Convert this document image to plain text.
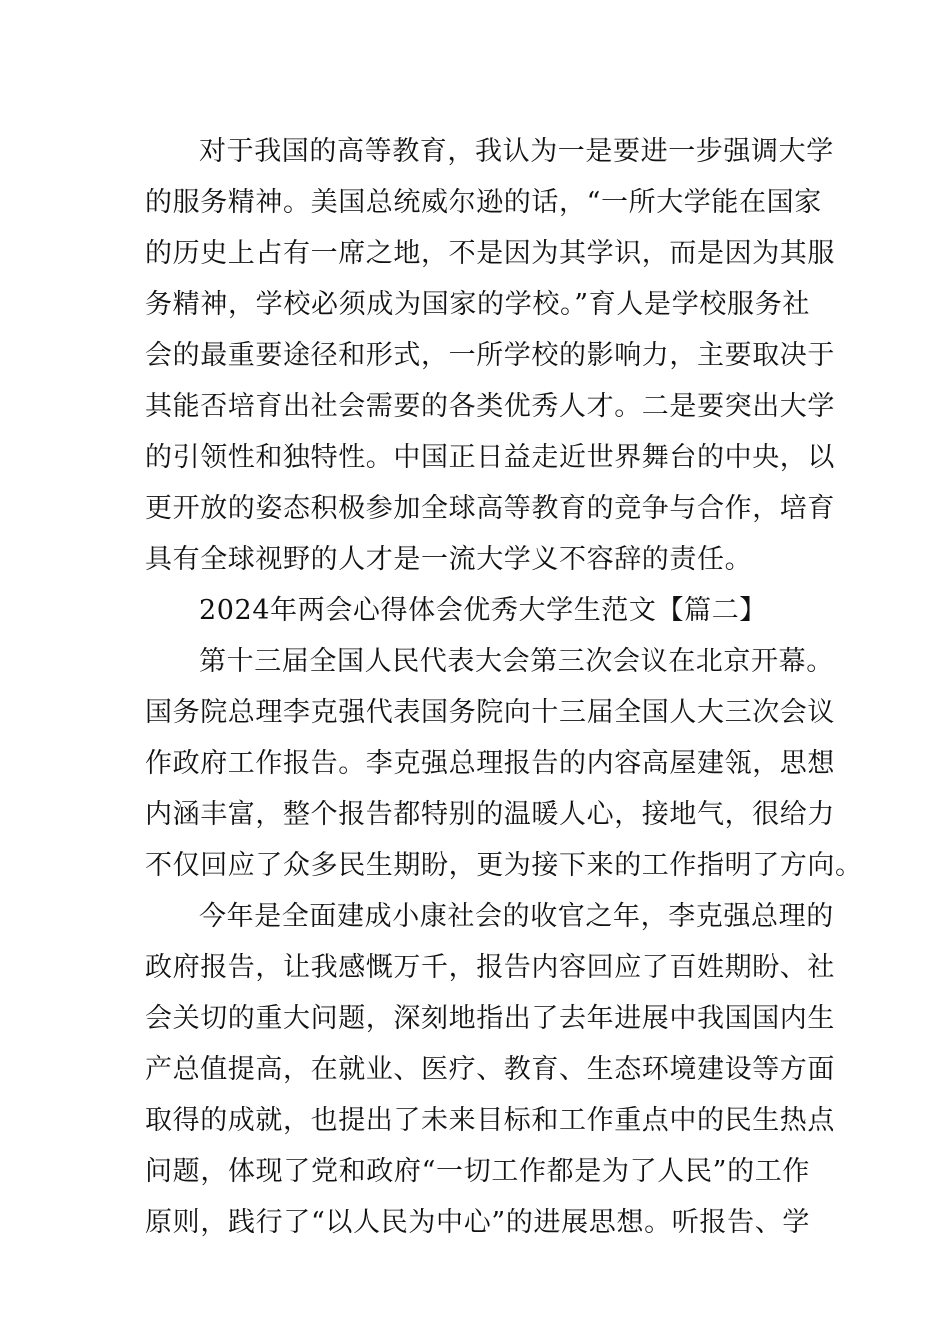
对于我国的高等教育，我认为一是要进一步强调大学
的服务精神。美国总统威尔逊的话，“一所大学能在国家
的历史上占有一席之地，不是因为其学识，而是因为其服
务精神，学校必须成为国家的学校。”育人是学校服务社
会的最重要途径和形式，一所学校的影响力，主要取决于
其能否培育出社会需要的各类优秀人才。二是要突出大学
的引领性和独特性。中国正日益走近世界舞台的中央，以
更开放的姿态积极参加全球高等教育的竞争与合作，培育
具有全球视野的人才是一流大学义不容辞的责任。
2024年两会心得体会优秀大学生范文【篇二】
第十三届全国人民代表大会第三次会议在北京开幕。
国务院总理李克强代表国务院向十三届全国人大三次会议
作政府工作报告。李克强总理报告的内容高屋建瓴，思想
内涵丰富，整个报告都特别的温暖人心，接地气，很给力
不仅回应了众多民生期盼，更为接下来的工作指明了方向。
今年是全面建成小康社会的收官之年，李克强总理的
政府报告，让我感慨万千，报告内容回应了百姓期盼、社
会关切的重大问题，深刻地指出了去年进展中我国国内生
产总值提高，在就业、医疗、教育、生态环境建设等方面
取得的成就，也提出了未来目标和工作重点中的民生热点
问题，体现了党和政府“一切工作都是为了人民”的工作
原则，践行了“以人民为中心”的进展思想。听报告、学
